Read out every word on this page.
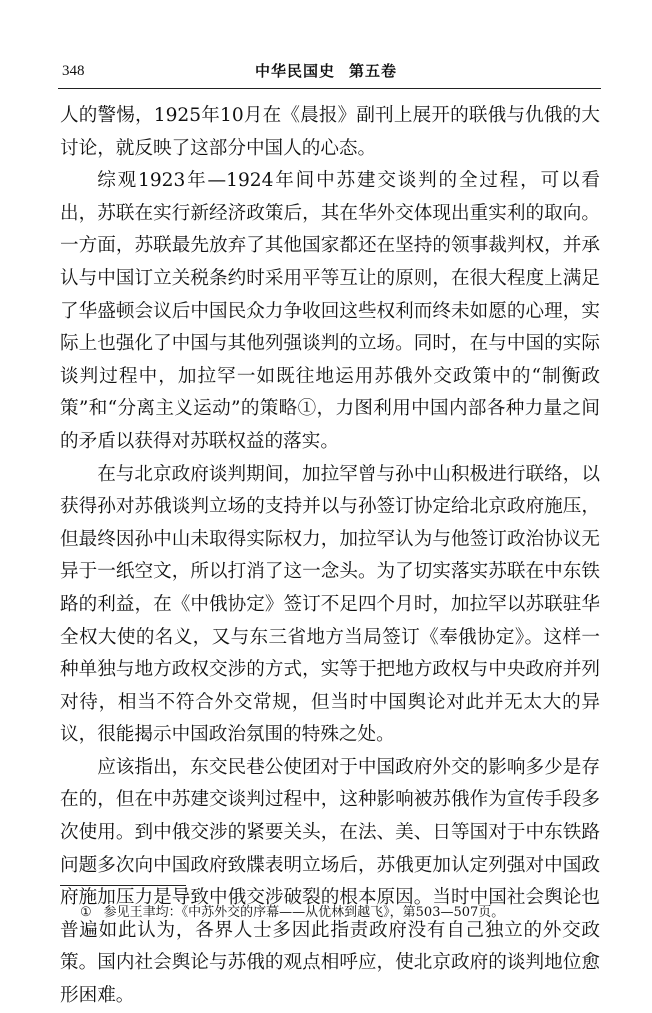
348	中华民国史 第五卷

人的警惕，1925年10月在《晨报》副刊上展开的联俄与仇俄的大讨论，就反映了这部分中国人的心态。

综观1923年—1924年间中苏建交谈判的全过程，可以看出，苏联在实行新经济政策后，其在华外交体现出重实利的取向。一方面，苏联最先放弃了其他国家都还在坚持的领事裁判权，并承认与中国订立关税条约时采用平等互让的原则，在很大程度上满足了华盛顿会议后中国民众力争收回这些权利而终未如愿的心理，实际上也强化了中国与其他列强谈判的立场。同时，在与中国的实际谈判过程中，加拉罕一如既往地运用苏俄外交政策中的“制衡政策”和“分离主义运动”的策略①，力图利用中国内部各种力量之间的矛盾以获得对苏联权益的落实。

在与北京政府谈判期间，加拉罕曾与孙中山积极进行联络，以获得孙对苏俄谈判立场的支持并以与孙签订协定给北京政府施压，但最终因孙中山未取得实际权力，加拉罕认为与他签订政治协议无异于一纸空文，所以打消了这一念头。为了切实落实苏联在中东铁路的利益，在《中俄协定》签订不足四个月时，加拉罕以苏联驻华全权大使的名义，又与东三省地方当局签订《奉俄协定》。这样一种单独与地方政权交涉的方式，实等于把地方政权与中央政府并列对待，相当不符合外交常规，但当时中国舆论对此并无太大的异议，很能揭示中国政治氛围的特殊之处。

应该指出，东交民巷公使团对于中国政府外交的影响多少是存在的，但在中苏建交谈判过程中，这种影响被苏俄作为宣传手段多次使用。到中俄交涉的紧要关头，在法、美、日等国对于中东铁路问题多次向中国政府致牒表明立场后，苏俄更加认定列强对中国政府施加压力是导致中俄交涉破裂的根本原因。当时中国社会舆论也普遍如此认为，各界人士多因此指责政府没有自己独立的外交政策。国内社会舆论与苏俄的观点相呼应，使北京政府的谈判地位愈形困难。

① 参见王聿均：《中苏外交的序幕——从优林到越飞》，第503—507页。
